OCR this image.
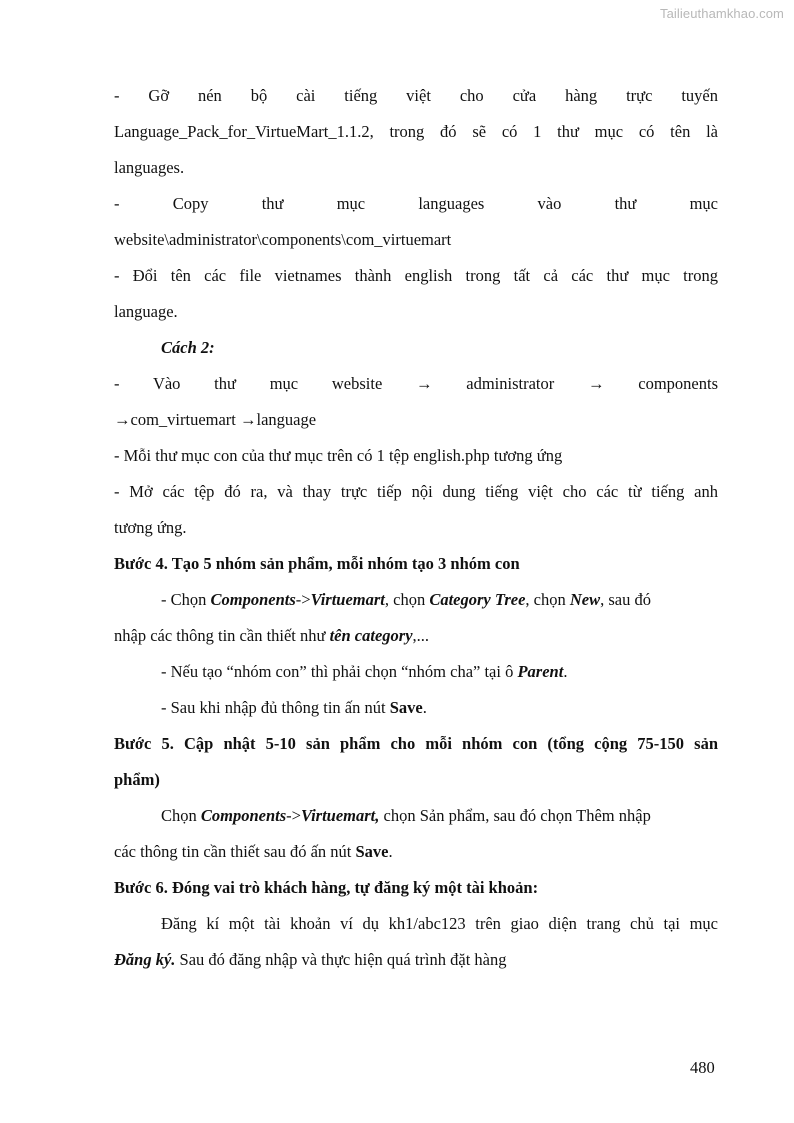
Tailieuthamkhao.com
- Gỡ nén bộ cài tiếng việt cho cửa hàng trực tuyến
Language_Pack_for_VirtueMart_1.1.2, trong đó sẽ có 1 thư mục có tên là
languages.
- Copy thư mục languages vào thư mục
website\administrator\components\com_virtuemart
- Đổi tên các file vietnames thành english trong tất cả các thư mục trong
language.
Cách 2:
- Vào thư mục website → administrator → components
→com_virtuemart →language
- Mỗi thư mục con của thư mục trên có 1 tệp english.php tương ứng
- Mở các tệp đó ra, và thay trực tiếp nội dung tiếng việt cho các từ tiếng anh
tương ứng.
Bước 4. Tạo 5 nhóm sản phẩm, mỗi nhóm tạo 3 nhóm con
- Chọn Components->Virtuemart, chọn Category Tree, chọn New, sau đó
nhập các thông tin cần thiết như tên category,...
- Nếu tạo “nhóm con” thì phải chọn “nhóm cha” tại ô Parent.
- Sau khi nhập đủ thông tin ấn nút Save.
Bước 5. Cập nhật 5-10 sản phẩm cho mỗi nhóm con (tổng cộng 75-150 sản
phẩm)
Chọn Components->Virtuemart, chọn Sản phẩm, sau đó chọn Thêm nhập
các thông tin cần thiết sau đó ấn nút Save.
Bước 6. Đóng vai trò khách hàng, tự đăng ký một tài khoản:
Đăng kí một tài khoản ví dụ kh1/abc123 trên giao diện trang chủ tại mục
Đăng ký. Sau đó đăng nhập và thực hiện quá trình đặt hàng
480
